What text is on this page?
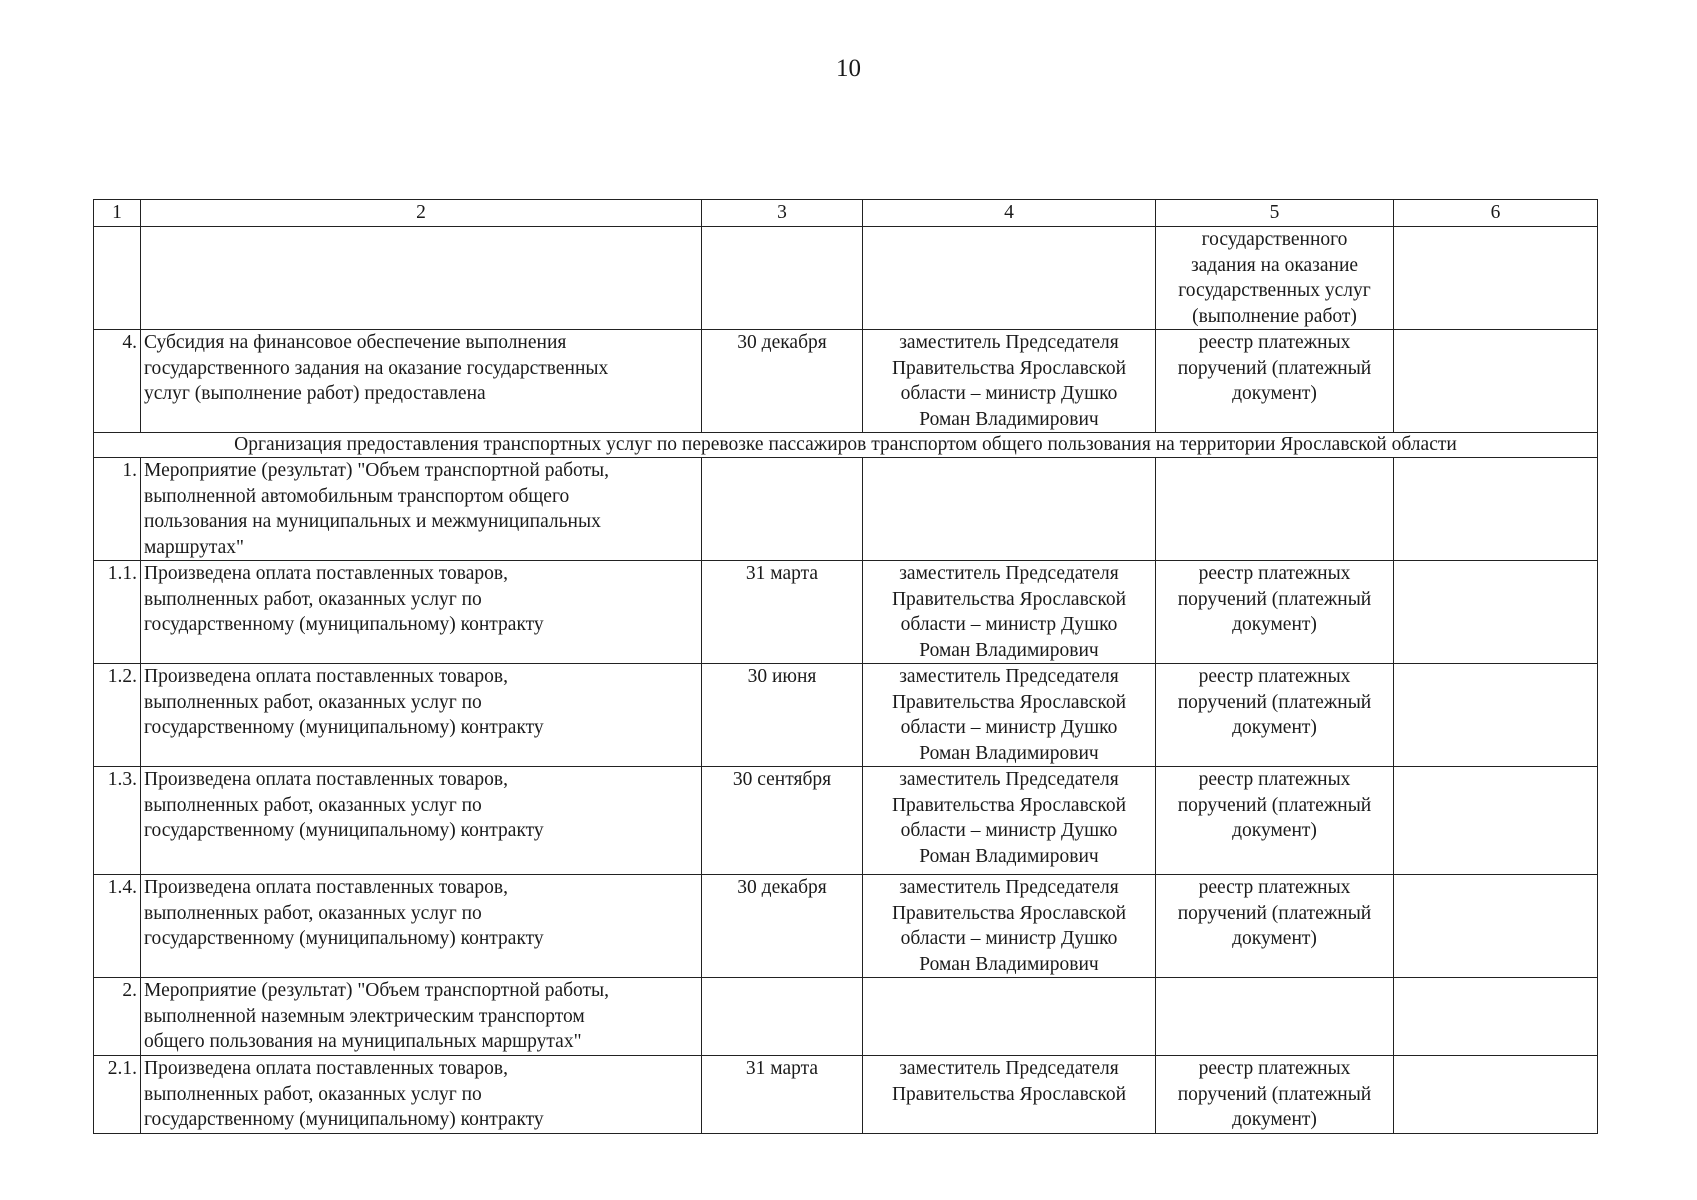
10
1	2	3	4	5	6

				государственного
задания на оказание
государственных услуг
(выполнение работ)	

4.	Субсидия на финансовое обеспечение выполнения
государственного задания на оказание государственных
услуг (выполнение работ) предоставлена	30 декабря	заместитель Председателя
Правительства Ярославской
области – министр Душко
Роман Владимирович	реестр платежных
поручений (платежный
документ)	

Организация предоставления транспортных услуг по перевозке пассажиров транспортом общего пользования на территории Ярославской области					
1.	Мероприятие (результат) "Объем транспортной работы,
выполненной автомобильным транспортом общего
пользования на муниципальных и межмуниципальных
маршрутах"				

1.1.	Произведена оплата поставленных товаров,
выполненных работ, оказанных услуг по
государственному (муниципальному) контракту	31 марта	заместитель Председателя
Правительства Ярославской
области – министр Душко
Роман Владимирович	реестр платежных
поручений (платежный
документ)	

1.2.	Произведена оплата поставленных товаров,
выполненных работ, оказанных услуг по
государственному (муниципальному) контракту	30 июня	заместитель Председателя
Правительства Ярославской
области – министр Душко
Роман Владимирович	реестр платежных
поручений (платежный
документ)	

1.3.	Произведена оплата поставленных товаров,
выполненных работ, оказанных услуг по
государственному (муниципальному) контракту	30 сентября	заместитель Председателя
Правительства Ярославской
области – министр Душко
Роман Владимирович	реестр платежных
поручений (платежный
документ)	

1.4.	Произведена оплата поставленных товаров,
выполненных работ, оказанных услуг по
государственному (муниципальному) контракту	30 декабря	заместитель Председателя
Правительства Ярославской
области – министр Душко
Роман Владимирович	реестр платежных
поручений (платежный
документ)	

2.	Мероприятие (результат) "Объем транспортной работы,
выполненной наземным электрическим транспортом
общего пользования на муниципальных маршрутах"				

2.1.	Произведена оплата поставленных товаров,
выполненных работ, оказанных услуг по
государственному (муниципальному) контракту	31 марта	заместитель Председателя
Правительства Ярославской	реестр платежных
поручений (платежный
документ)	
